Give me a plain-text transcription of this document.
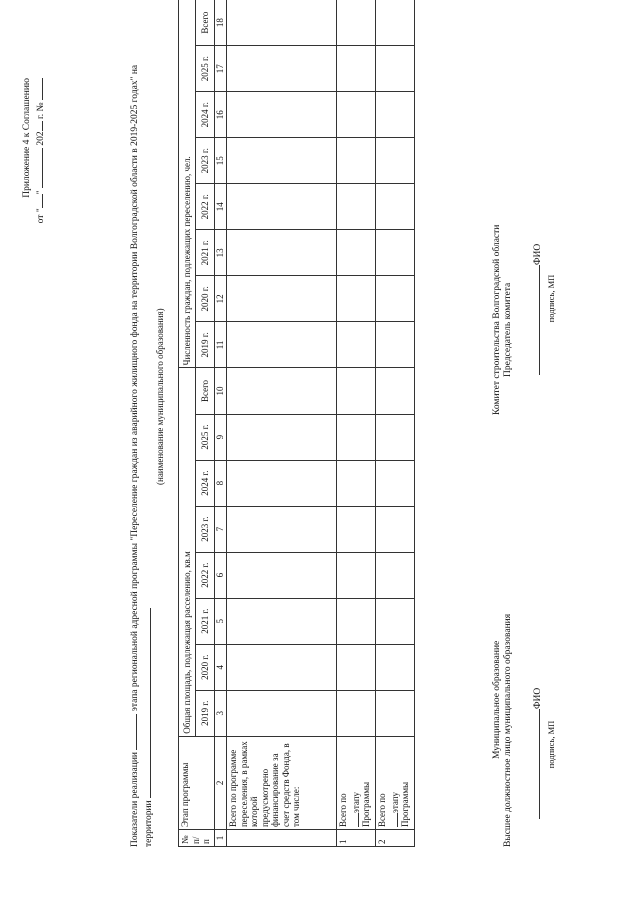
Приложение 4 к Соглашению
от ""  202 г. №
Показатели реализации  этапа региональной адресной программы "Переселение граждан из аварийного жилищного фонда на территории Волгоградской области в 2019-2025 годах" на территории
(наименование муниципального образования)
№ п/п	Этап программы	Общая площадь, подлежащая расселению, кв.м								Численность граждан, подлежащих переселению, чел.							
		2019 г.	2020 г.	2021 г.	2022 г.	2023 г.	2024 г.	2025 г.	Всего	2019 г.	2020 г.	2021 г.	2022 г.	2023 г.	2024 г.	2025 г.	Всего
1	2	3	4	5	6	7	8	9	10	11	12	13	14	15	16	17	18
	Всего по программе переселения, в рамках которой предусмотрено финансирование за счет средств Фонда, в том числе:																
1	Всего по этапу Программы																

2	Всего по этапу Программы																

Муниципальное образование Высшее должностное лицо муниципального образования	ФИО
подпись, МП
Комитет строительства Волгоградской области Председатель комитета
ФИО
подпись, МП
